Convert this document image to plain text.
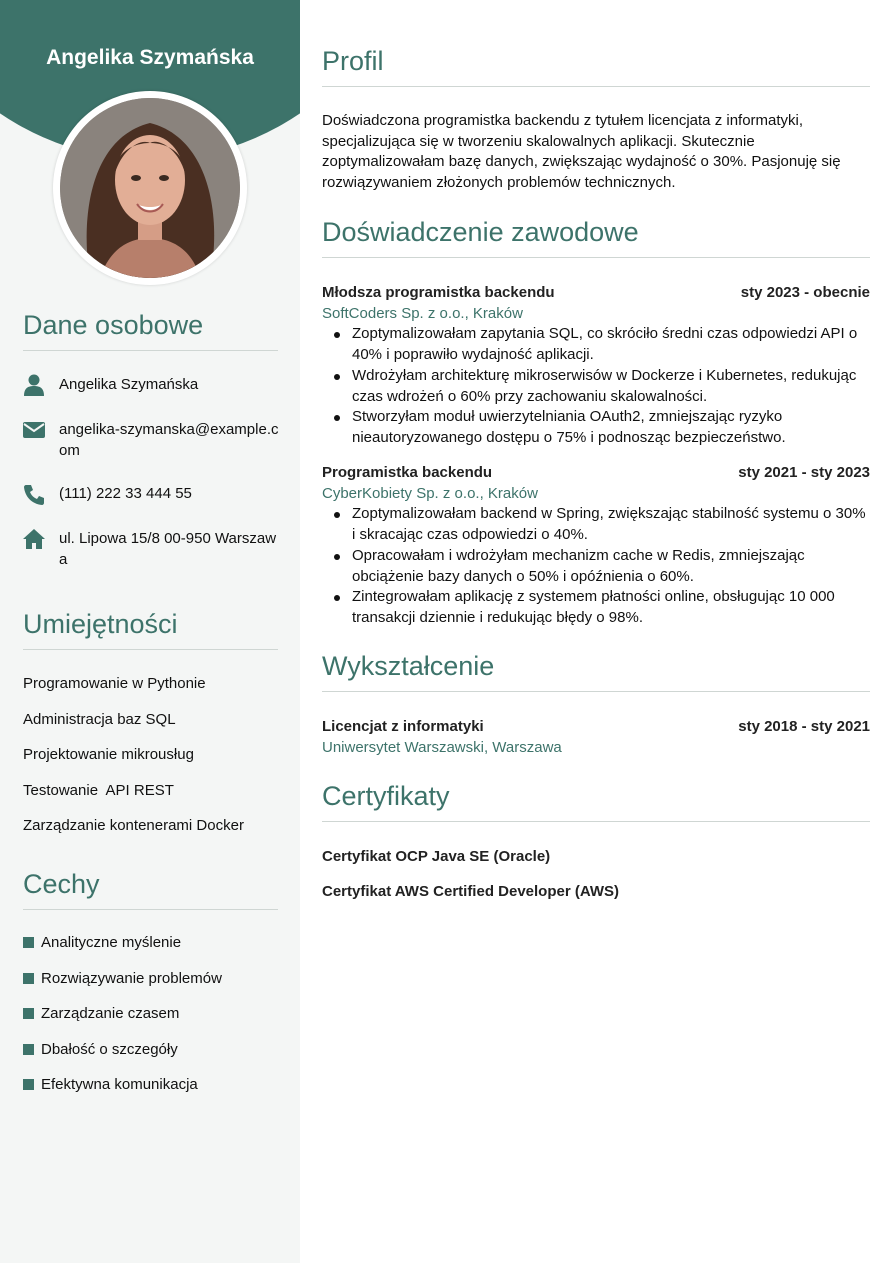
Angelika Szymańska
Dane osobowe
Angelika Szymańska
angelika-szymanska@example.com
(111) 222 33 444 55
ul. Lipowa 15/8 00-950 Warszawa
Umiejętności
Programowanie w Pythonie
Administracja baz SQL
Projektowanie mikrousług
Testowanie  API REST
Zarządzanie kontenerami Docker
Cechy
Analityczne myślenie
Rozwiązywanie problemów
Zarządzanie czasem
Dbałość o szczegóły
Efektywna komunikacja
Profil
Doświadczona programistka backendu z tytułem licencjata z informatyki, specjalizująca się w tworzeniu skalowalnych aplikacji. Skutecznie zoptymalizowałam bazę danych, zwiększając wydajność o 30%. Pasjonuję się rozwiązywaniem złożonych problemów technicznych.
Doświadczenie zawodowe
Młodsza programistka backendu	sty 2023 - obecnie
SoftCoders Sp. z o.o., Kraków
Zoptymalizowałam zapytania SQL, co skróciło średni czas odpowiedzi API o 40% i poprawiło wydajność aplikacji.
Wdrożyłam architekturę mikroserwisów w Dockerze i Kubernetes, redukując czas wdrożeń o 60% przy zachowaniu skalowalności.
Stworzyłam moduł uwierzytelniania OAuth2, zmniejszając ryzyko nieautoryzowanego dostępu o 75% i podnosząc bezpieczeństwo.
Programistka backendu	sty 2021 - sty 2023
CyberKobiety Sp. z o.o., Kraków
Zoptymalizowałam backend w Spring, zwiększając stabilność systemu o 30% i skracając czas odpowiedzi o 40%.
Opracowałam i wdrożyłam mechanizm cache w Redis, zmniejszając obciążenie bazy danych o 50% i opóźnienia o 60%.
Zintegrowałam aplikację z systemem płatności online, obsługując 10 000 transakcji dziennie i redukując błędy o 98%.
Wykształcenie
Licencjat z informatyki	sty 2018 - sty 2021
Uniwersytet Warszawski, Warszawa
Certyfikaty
Certyfikat OCP Java SE (Oracle)
Certyfikat AWS Certified Developer (AWS)
